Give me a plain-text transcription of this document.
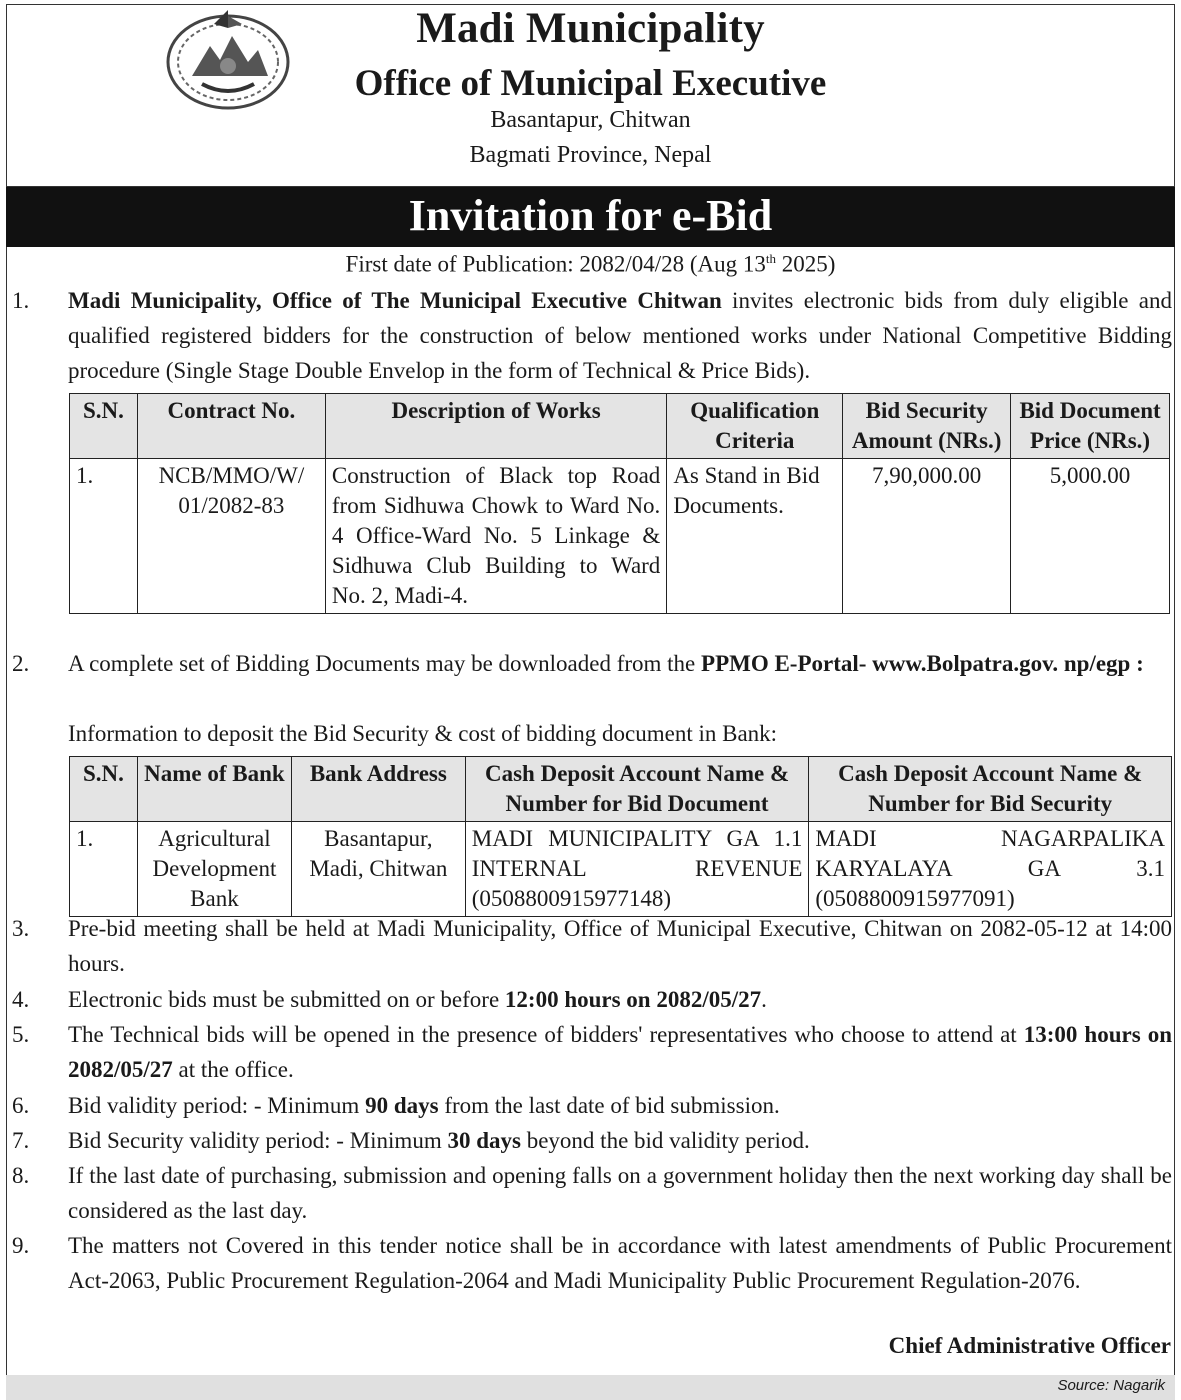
Madi Municipality
Office of Municipal Executive
Basantapur, Chitwan
Bagmati Province, Nepal
Invitation for e-Bid
First date of Publication: 2082/04/28 (Aug 13th 2025)
1. Madi Municipality, Office of The Municipal Executive Chitwan invites electronic bids from duly eligible and qualified registered bidders for the construction of below mentioned works under National Competitive Bidding procedure (Single Stage Double Envelop in the form of Technical & Price Bids).
S.N.	Contract No.	Description of Works	Qualification Criteria	Bid Security Amount (NRs.)	Bid Document Price (NRs.)
1.	NCB/MMO/W/ 01/2082-83	Construction of Black top Road from Sidhuwa Chowk to Ward No. 4 Office-Ward No. 5 Linkage & Sidhuwa Club Building to Ward No. 2, Madi-4.	As Stand in Bid Documents.	7,90,000.00	5,000.00
2. A complete set of Bidding Documents may be downloaded from the PPMO E-Portal- www.Bolpatra.gov. np/egp :
Information to deposit the Bid Security & cost of bidding document in Bank:
S.N.	Name of Bank	Bank Address	Cash Deposit Account Name & Number for Bid Document	Cash Deposit Account Name & Number for Bid Security
1.	Agricultural Development Bank	Basantapur, Madi, Chitwan	MADI MUNICIPALITY GA 1.1 INTERNAL REVENUE (0508800915977148)	MADI NAGARPALIKA KARYALAYA GA 3.1 (0508800915977091)
3. Pre-bid meeting shall be held at Madi Municipality, Office of Municipal Executive, Chitwan on 2082-05-12 at 14:00 hours.
4. Electronic bids must be submitted on or before 12:00 hours on 2082/05/27.
5. The Technical bids will be opened in the presence of bidders' representatives who choose to attend at 13:00 hours on 2082/05/27 at the office.
6. Bid validity period: - Minimum 90 days from the last date of bid submission.
7. Bid Security validity period: - Minimum 30 days beyond the bid validity period.
8. If the last date of purchasing, submission and opening falls on a government holiday then the next working day shall be considered as the last day.
9. The matters not Covered in this tender notice shall be in accordance with latest amendments of Public Procurement Act-2063, Public Procurement Regulation-2064 and Madi Municipality Public Procurement Regulation-2076.
Chief Administrative Officer
Source: Nagarik
